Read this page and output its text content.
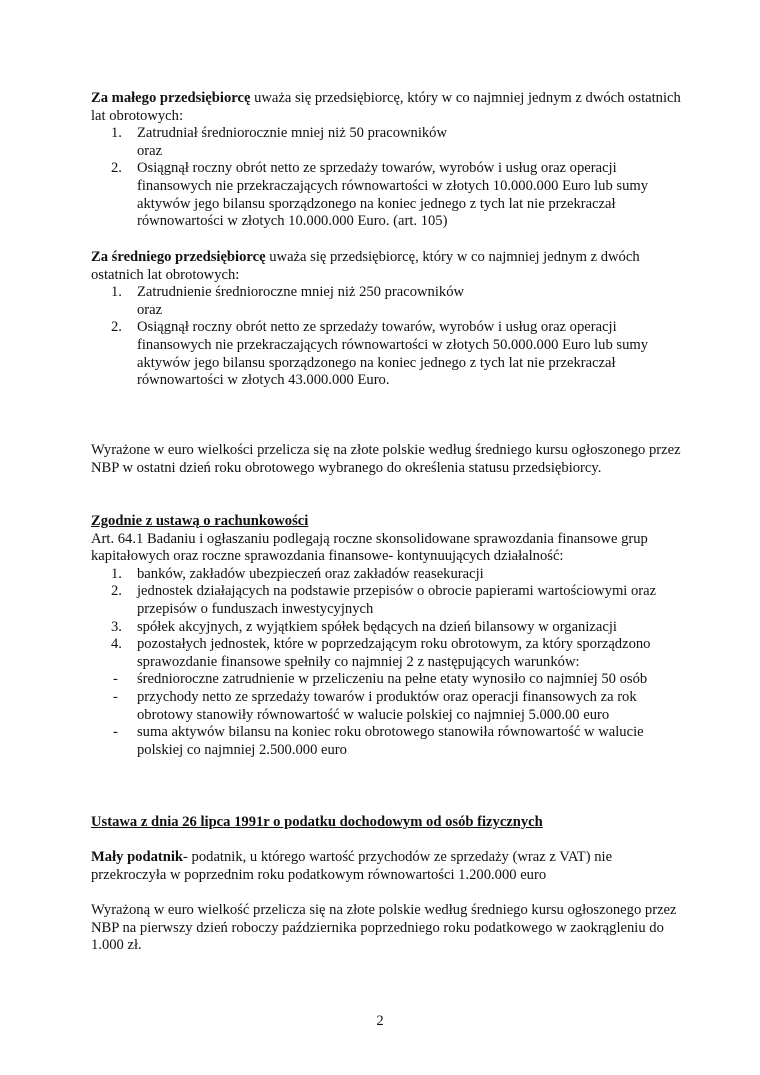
Za małego przedsiębiorcę uważa się przedsiębiorcę, który w co najmniej jednym z dwóch ostatnich lat obrotowych:

1. Zatrudniał średniorocznie mniej niż 50 pracowników
oraz
2. Osiągnął roczny obrót netto ze sprzedaży towarów, wyrobów i usług oraz operacji finansowych nie przekraczających równowartości w złotych 10.000.000 Euro lub sumy aktywów jego bilansu sporządzonego na koniec jednego z tych lat nie przekraczał równowartości w złotych 10.000.000 Euro. (art. 105)

Za średniego przedsiębiorcę uważa się przedsiębiorcę, który w co najmniej jednym z dwóch ostatnich lat obrotowych:

1. Zatrudnienie średnioroczne mniej niż 250 pracowników
oraz
2. Osiągnął roczny obrót netto ze sprzedaży towarów, wyrobów i usług oraz operacji finansowych nie przekraczających równowartości w złotych 50.000.000 Euro lub sumy aktywów jego bilansu sporządzonego na koniec jednego z tych lat nie przekraczał równowartości w złotych 43.000.000 Euro.

Wyrażone w euro wielkości przelicza się na złote polskie według średniego kursu ogłoszonego przez NBP w ostatni dzień roku obrotowego wybranego do określenia statusu przedsiębiorcy.

Zgodnie z ustawą o rachunkowości

Art. 64.1 Badaniu i ogłaszaniu podlegają roczne skonsolidowane sprawozdania finansowe grup kapitałowych oraz roczne sprawozdania finansowe- kontynuujących działalność:

1. banków, zakładów ubezpieczeń oraz zakładów reasekuracji
2. jednostek działających na podstawie przepisów o obrocie papierami wartościowymi oraz przepisów o funduszach inwestycyjnych
3. spółek akcyjnych, z wyjątkiem spółek będących na dzień bilansowy w organizacji
4. pozostałych jednostek, które w poprzedzającym roku obrotowym, za który sporządzono sprawozdanie finansowe spełniły co najmniej 2 z następujących warunków:
- średnioroczne zatrudnienie w przeliczeniu na pełne etaty wynosiło co najmniej 50 osób
- przychody netto ze sprzedaży towarów i produktów oraz operacji finansowych za rok obrotowy stanowiły równowartość w walucie polskiej co najmniej 5.000.00 euro
- suma aktywów bilansu na koniec roku obrotowego stanowiła równowartość w walucie polskiej co najmniej 2.500.000 euro

Ustawa z dnia 26 lipca 1991r o podatku dochodowym od osób fizycznych

Mały podatnik- podatnik, u którego wartość przychodów ze sprzedaży (wraz z VAT) nie przekroczyła w poprzednim roku podatkowym równowartości 1.200.000 euro

Wyrażoną w euro wielkość przelicza się na złote polskie według średniego kursu ogłoszonego przez NBP na pierwszy dzień roboczy października poprzedniego roku podatkowego w zaokrągleniu do 1.000 zł.

2
